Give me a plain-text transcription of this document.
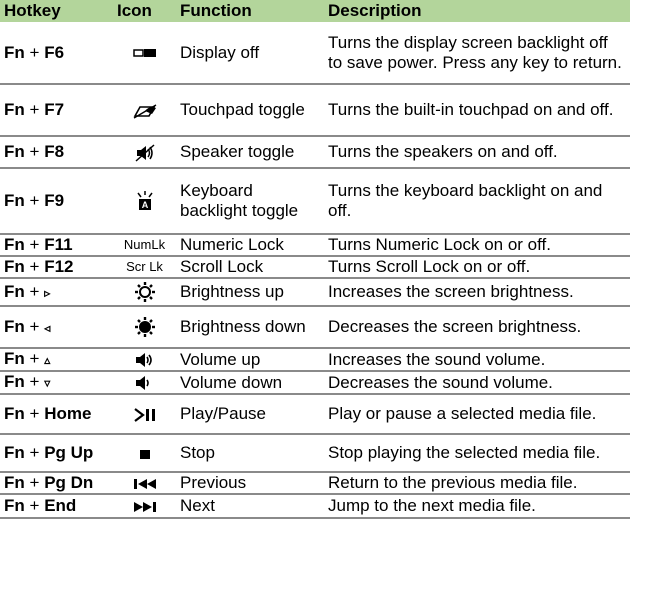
Hotkey	Icon	Function	Description
Fn + F6		Display off	Turns the display screen backlight off to save power. Press any key to return.
Fn + F7		Touchpad toggle	Turns the built-in touchpad on and off.
Fn + F8		Speaker toggle	Turns the speakers on and off.
Fn + F9	A	Keyboard backlight toggle	Turns the keyboard backlight on and off.
Fn + F11	NumLk	Numeric Lock	Turns Numeric Lock on or off.
Fn + F12	Scr Lk	Scroll Lock	Turns Scroll Lock on or off.
Fn + ▹		Brightness up	Increases the screen brightness.
Fn + ◃		Brightness down	Decreases the screen brightness.
Fn + ▵		Volume up	Increases the sound volume.
Fn + ▿		Volume down	Decreases the sound volume.
Fn + Home		Play/Pause	Play or pause a selected media file.
Fn + Pg Up		Stop	Stop playing the selected media file.
Fn + Pg Dn		Previous	Return to the previous media file.
Fn + End		Next	Jump to the next media file.
